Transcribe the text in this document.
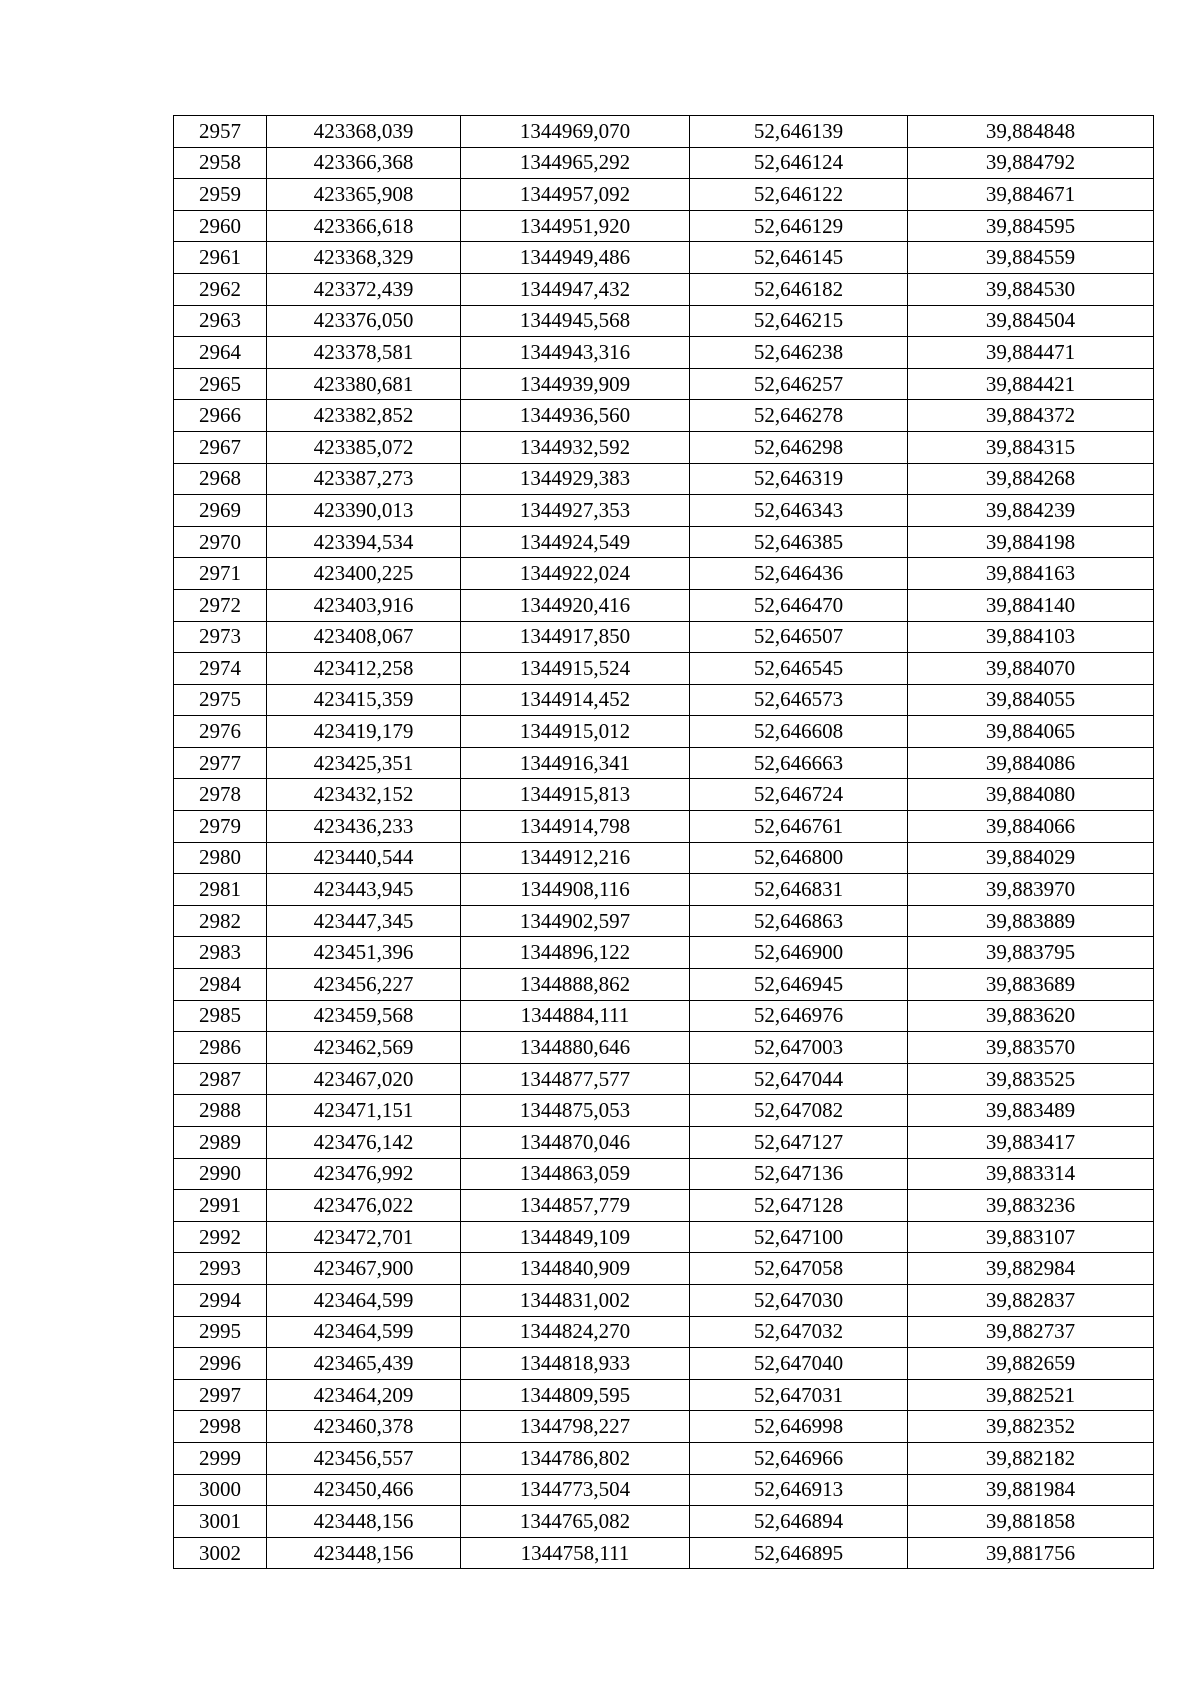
2957	423368,039	1344969,070	52,646139	39,884848
2958	423366,368	1344965,292	52,646124	39,884792
2959	423365,908	1344957,092	52,646122	39,884671
2960	423366,618	1344951,920	52,646129	39,884595
2961	423368,329	1344949,486	52,646145	39,884559
2962	423372,439	1344947,432	52,646182	39,884530
2963	423376,050	1344945,568	52,646215	39,884504
2964	423378,581	1344943,316	52,646238	39,884471
2965	423380,681	1344939,909	52,646257	39,884421
2966	423382,852	1344936,560	52,646278	39,884372
2967	423385,072	1344932,592	52,646298	39,884315
2968	423387,273	1344929,383	52,646319	39,884268
2969	423390,013	1344927,353	52,646343	39,884239
2970	423394,534	1344924,549	52,646385	39,884198
2971	423400,225	1344922,024	52,646436	39,884163
2972	423403,916	1344920,416	52,646470	39,884140
2973	423408,067	1344917,850	52,646507	39,884103
2974	423412,258	1344915,524	52,646545	39,884070
2975	423415,359	1344914,452	52,646573	39,884055
2976	423419,179	1344915,012	52,646608	39,884065
2977	423425,351	1344916,341	52,646663	39,884086
2978	423432,152	1344915,813	52,646724	39,884080
2979	423436,233	1344914,798	52,646761	39,884066
2980	423440,544	1344912,216	52,646800	39,884029
2981	423443,945	1344908,116	52,646831	39,883970
2982	423447,345	1344902,597	52,646863	39,883889
2983	423451,396	1344896,122	52,646900	39,883795
2984	423456,227	1344888,862	52,646945	39,883689
2985	423459,568	1344884,111	52,646976	39,883620
2986	423462,569	1344880,646	52,647003	39,883570
2987	423467,020	1344877,577	52,647044	39,883525
2988	423471,151	1344875,053	52,647082	39,883489
2989	423476,142	1344870,046	52,647127	39,883417
2990	423476,992	1344863,059	52,647136	39,883314
2991	423476,022	1344857,779	52,647128	39,883236
2992	423472,701	1344849,109	52,647100	39,883107
2993	423467,900	1344840,909	52,647058	39,882984
2994	423464,599	1344831,002	52,647030	39,882837
2995	423464,599	1344824,270	52,647032	39,882737
2996	423465,439	1344818,933	52,647040	39,882659
2997	423464,209	1344809,595	52,647031	39,882521
2998	423460,378	1344798,227	52,646998	39,882352
2999	423456,557	1344786,802	52,646966	39,882182
3000	423450,466	1344773,504	52,646913	39,881984
3001	423448,156	1344765,082	52,646894	39,881858
3002	423448,156	1344758,111	52,646895	39,881756
